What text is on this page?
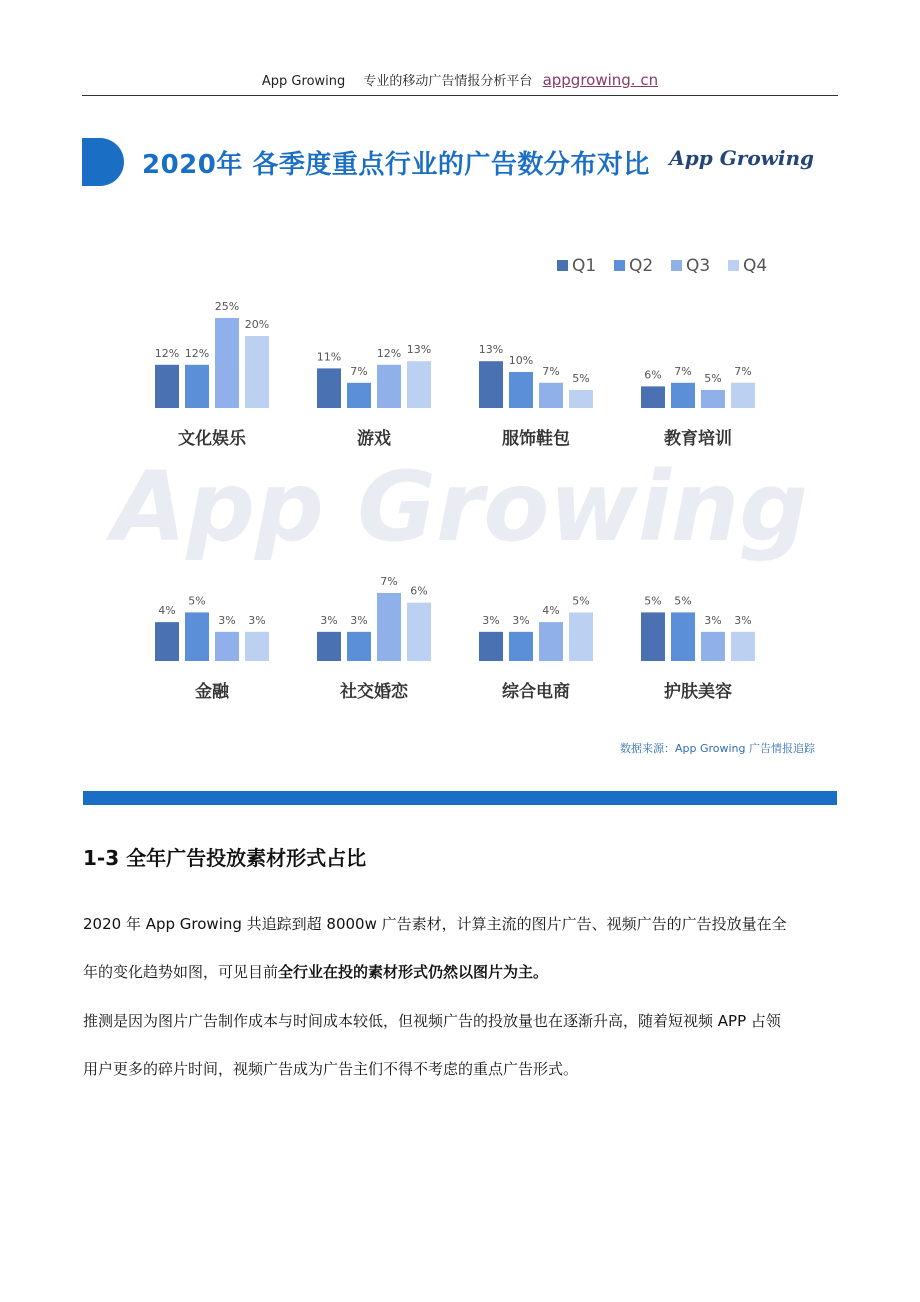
App Growing 专业的移动广告情报分析平台 appgrowing. cn
2020年 各季度重点行业的广告数分布对比 App Growing
App Growing
Q1 Q2 Q3 Q4
12% 12%
25%
20%
文化娱乐
11%
7%
12% 13%
游戏
13%
10%
7%
5%
服饰鞋包
6% 7%
5%
7%
教育培训
4%
5%
3% 3%
金融
3% 3%
7%
6%
社交婚恋
3% 3%
4%
5%
综合电商
5% 5%
3% 3%
护肤美容
数据来源：App Growing 广告情报追踪
1-3 全年广告投放素材形式占比
2020 年 App Growing 共追踪到超 8000w 广告素材，计算主流的图片广告、视频广告的广告投放量在全
年的变化趋势如图，可见目前全行业在投的素材形式仍然以图片为主。
推测是因为图片广告制作成本与时间成本较低，但视频广告的投放量也在逐渐升高，随着短视频 APP 占领
用户更多的碎片时间，视频广告成为广告主们不得不考虑的重点广告形式。
